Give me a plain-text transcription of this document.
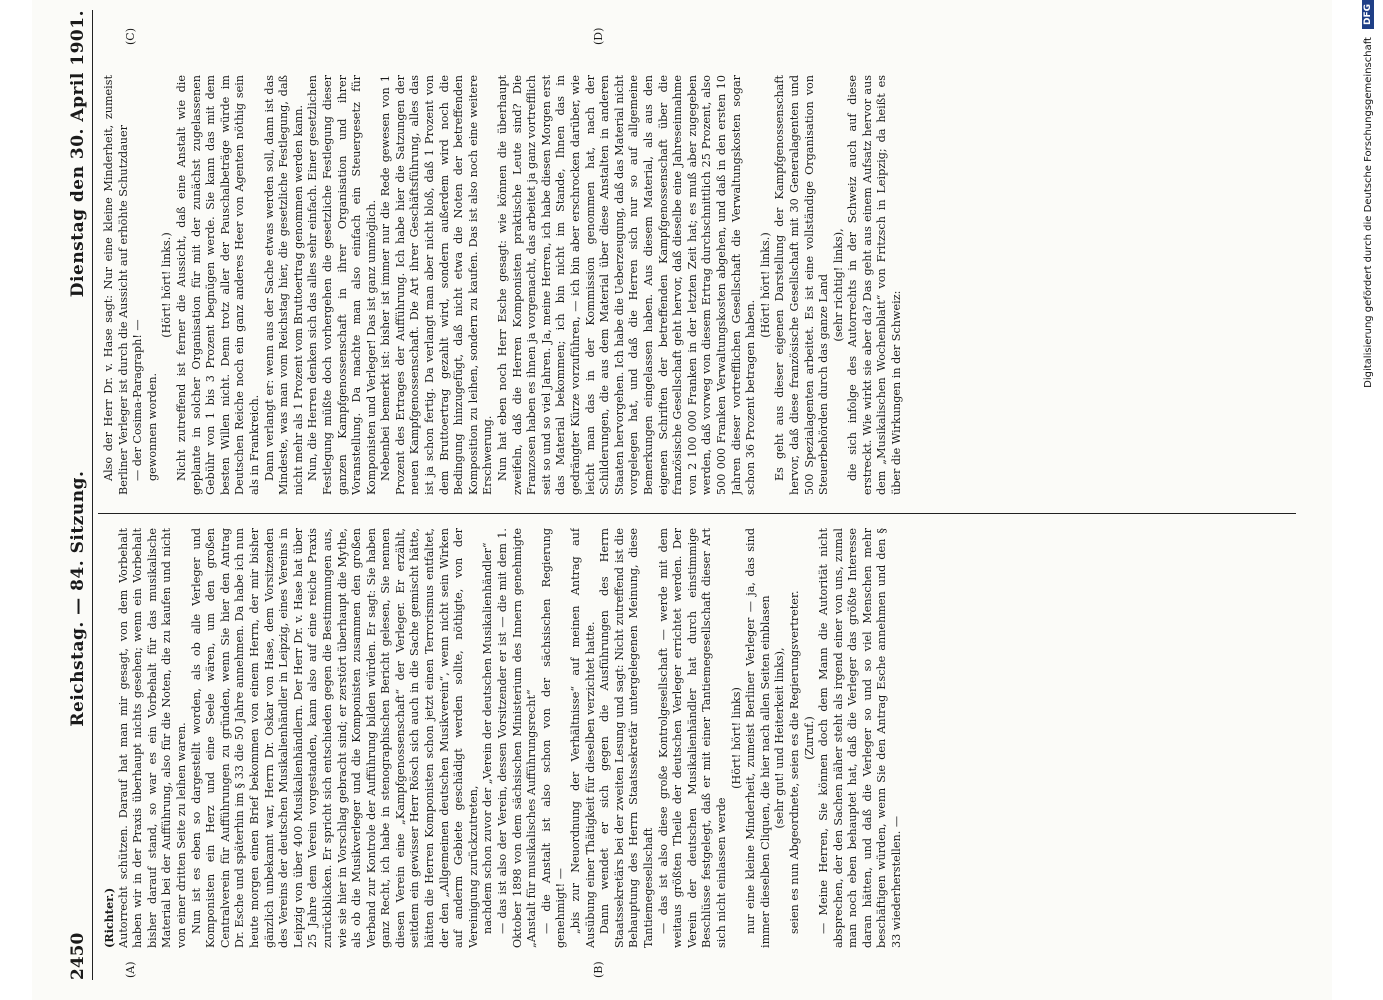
2450
Reichstag. — 84. Sitzung.
Dienstag den 30. April 1901.
(A)	(B)
(C)	(D)

(Richter.) Autorrecht schützen. Darauf hat man mir gesagt, von dem Vorbehalt haben wir in der Praxis überhaupt nichts gesehen; wenn ein Vorbehalt bisher darauf stand, so war es ein Vorbehalt für das musikalische Material bei der Aufführung, also für die Noten, die zu kaufen und nicht von einer dritten Seite zu leihen waren. Nun ist es eben so dargestellt worden, als ob alle Verleger und Komponisten ein Herz und eine Seele wären, um den großen Centralverein für Aufführungen zu gründen, wenn Sie hier den Antrag Dr. Esche und späterhin im § 33 die 50 Jahre annehmen. Da habe ich nun heute morgen einen Brief bekommen von einem Herrn, der mir bisher gänzlich unbekannt war, Herrn Dr. Oskar von Hase, dem Vorsitzenden des Vereins der deutschen Musikalienhändler in Leipzig, eines Vereins in Leipzig von über 400 Musikalienhändlern. Der Herr Dr. v. Hase hat über 25 Jahre dem Verein vorgestanden, kann also auf eine reiche Praxis zurückblicken. Er spricht sich entschieden gegen die Bestimmungen aus, wie sie hier in Vorschlag gebracht sind; er zerstört überhaupt die Mythe, als ob die Musikverleger und die Komponisten zusammen den großen Verband zur Kontrole der Aufführung bilden würden. Er sagt: Sie haben ganz Recht, ich habe in stenographischen Bericht gelesen, Sie nennen diesen Verein eine „Kampfgenossenschaft“ der Verleger. Er erzählt, seitdem ein gewisser Herr Rösch sich auch in die Sache gemischt hätte, hätten die Herren Komponisten schon jetzt einen Terrorismus entfaltet, der den „Allgemeinen deutschen Musikverein“, wenn nicht sein Wirken auf anderm Gebiete geschädigt werden sollte, nöthigte, von der Vereinigung zurückzutreten, nachdem schon zuvor der „Verein der deutschen Musikalienhändler“ — das ist also der Verein, dessen Vorsitzender er ist — die mit dem 1. Oktober 1898 von dem sächsischen Ministerium des Innern genehmigte „Anstalt für musikalisches Aufführungsrecht“ — die Anstalt ist also schon von der sächsischen Regierung genehmigt! — „bis zur Neuordnung der Verhältnisse“ auf meinen Antrag auf Ausübung einer Thätigkeit für dieselben verzichtet hatte. Dann wendet er sich gegen die Ausführungen des Herrn Staatssekretärs bei der zweiten Lesung und sagt: Nicht zutreffend ist die Behauptung des Herrn Staatssekretär untergelegenen Meinung, diese Tantiemegesellschaft — das ist also diese große Kontrolgesellschaft — werde mit dem weitaus größten Theile der deutschen Verleger errichtet werden. Der Verein der deutschen Musikalienhändler hat durch einstimmige Beschlüsse festgelegt, daß er mit einer Tantiemegesellschaft dieser Art sich nicht einlassen werde

(Hört! hört! links) nur eine kleine Minderheit, zumeist Berliner Verleger — ja, das sind immer dieselben Cliquen, die hier nach allen Seiten einblasen (sehr gut! und Heiterkeit links), seien es nun Abgeordnete, seien es die Regierungsvertreter. (Zuruf.) — Meine Herren, Sie können doch dem Mann die Autorität nicht absprechen, der den Sachen näher steht als irgend einer von uns, zumal man noch eben behauptet hat, daß die Verleger das größte Interesse daran hätten, und daß die Verleger so und so viel Menschen mehr beschäftigen würden, wenn Sie den Antrag Esche annehmen und den § 33 wiederherstellen. —

Also der Herr Dr. v. Hase sagt: Nur eine kleine Minderheit, zumeist Berliner Verleger ist durch die Aussicht auf erhöhte Schutzdauer — der Cosima-Paragraph! — gewonnen worden.

(Hört! hört! links.) Nicht zutreffend ist ferner die Aussicht, daß eine Anstalt wie die geplante in solcher Organisation für mit der zunächst zugelassenen Gebühr von 1 bis 3 Prozent begnügen werde. Sie kann das mit dem besten Willen nicht. Denn trotz aller der Pauschalbeträge würde im Deutschen Reiche noch ein ganz anderes Heer von Agenten nöthig sein als in Frankreich. Dann verlangt er: wenn aus der Sache etwas werden soll, dann ist das Mindeste, was man vom Reichstag hier, die gesetzliche Festlegung, daß nicht mehr als 1 Prozent vom Bruttoertrag genommen werden kann. Nun, die Herren denken sich das alles sehr einfach. Einer gesetzlichen Festlegung müßte doch vorhergehen die gesetzliche Festlegung dieser ganzen Kampfgenossenschaft in ihrer Organisation und ihrer Voranstellung. Da machte man also einfach ein Steuergesetz für Komponisten und Verleger! Das ist ganz unmöglich. Nebenbei bemerkt ist: bisher ist immer nur die Rede gewesen von 1 Prozent des Ertrages der Aufführung. Ich habe hier die Satzungen der neuen Kampfgenossenschaft. Die Art ihrer Geschäftsführung, alles das ist ja schon fertig. Da verlangt man aber nicht bloß, daß 1 Prozent von dem Bruttoertrag gezahlt wird, sondern außerdem wird noch die Bedingung hinzugefügt, daß nicht etwa die Noten der betreffenden Komposition zu leihen, sondern zu kaufen. Das ist also noch eine weitere Erschwerung. Nun hat eben noch Herr Esche gesagt: wie können die überhaupt zweifeln, daß die Herren Komponisten praktische Leute sind? Die Franzosen haben es ihnen ja vorgemacht, das arbeitet ja ganz vortrefflich seit so und so viel Jahren. Ja, meine Herren, ich habe diesen Morgen erst das Material bekommen; ich bin nicht im Stande, Ihnen das in gedrängter Kürze vorzuführen, — ich bin aber erschrocken darüber, wie leicht man das in der Kommission genommen hat, nach der Schilderungen, die aus dem Material über diese Anstalten in anderen Staaten hervorgehen. Ich habe die Ueberzeugung, daß das Material nicht vorgelegen hat, und daß die Herren sich nur so auf allgemeine Bemerkungen eingelassen haben. Aus diesem Material, als aus den eigenen Schriften der betreffenden Kampfgenossenschaft über die französische Gesellschaft geht hervor, daß dieselbe eine Jahreseinnahme von 2 100 000 Franken in der letzten Zeit hat; es muß aber zugegeben werden, daß vorweg von diesem Ertrag durchschnittlich 25 Prozent, also 500 000 Franken Verwaltungskosten abgehen, und daß in den ersten 10 Jahren dieser vortrefflichen Gesellschaft die Verwaltungskosten sogar schon 36 Prozent betragen haben.

(Hört! hört! links.) Es geht aus dieser eigenen Darstellung der Kampfgenossenschaft hervor, daß diese französische Gesellschaft mit 30 Generalagenten und 500 Spezialagenten arbeitet. Es ist eine vollständige Organisation von Steuerbehörden durch das ganze Land (sehr richtig! links), die sich infolge des Autorrechts in der Schweiz auch auf diese erstreckt. Wie wirkt sie aber da? Das geht aus einem Aufsatz hervor aus dem „Musikalischen Wochenblatt“ von Fritzsch in Leipzig; da heißt es über die Wirkungen in der Schweiz:

Digitalisierung gefördert durch die Deutsche Forschungsgemeinschaft
DFG
